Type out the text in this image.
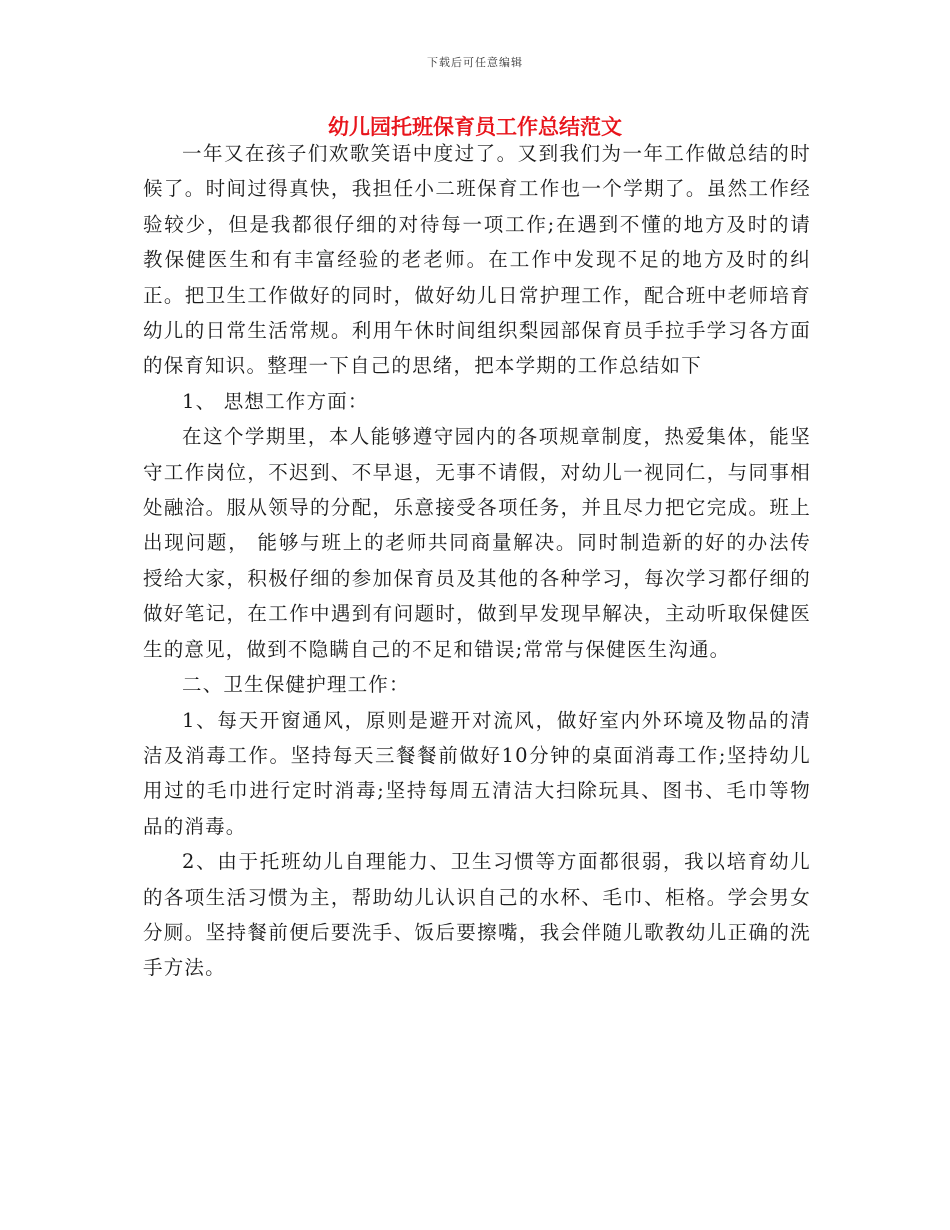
下载后可任意编辑
幼儿园托班保育员工作总结范文

一年又在孩子们欢歌笑语中度过了。又到我们为一年工作做总结的时候了。时间过得真快，我担任小二班保育工作也一个学期了。虽然工作经验较少，但是我都很仔细的对待每一项工作;在遇到不懂的地方及时的请教保健医生和有丰富经验的老老师。在工作中发现不足的地方及时的纠正。把卫生工作做好的同时，做好幼儿日常护理工作，配合班中老师培育幼儿的日常生活常规。利用午休时间组织梨园部保育员手拉手学习各方面的保育知识。整理一下自己的思绪，把本学期的工作总结如下

1、 思想工作方面：

在这个学期里，本人能够遵守园内的各项规章制度，热爱集体，能坚守工作岗位，不迟到、不早退，无事不请假，对幼儿一视同仁，与同事相处融洽。服从领导的分配，乐意接受各项任务，并且尽力把它完成。班上出现问题， 能够与班上的老师共同商量解决。同时制造新的好的办法传授给大家，积极仔细的参加保育员及其他的各种学习，每次学习都仔细的做好笔记，在工作中遇到有问题时，做到早发现早解决，主动听取保健医生的意见，做到不隐瞒自己的不足和错误;常常与保健医生沟通。

二、卫生保健护理工作：

1、每天开窗通风，原则是避开对流风，做好室内外环境及物品的清洁及消毒工作。坚持每天三餐餐前做好10分钟的桌面消毒工作;坚持幼儿用过的毛巾进行定时消毒;坚持每周五清洁大扫除玩具、图书、毛巾等物品的消毒。

2、由于托班幼儿自理能力、卫生习惯等方面都很弱，我以培育幼儿的各项生活习惯为主，帮助幼儿认识自己的水杯、毛巾、柜格。学会男女分厕。坚持餐前便后要洗手、饭后要擦嘴，我会伴随儿歌教幼儿正确的洗手方法。
